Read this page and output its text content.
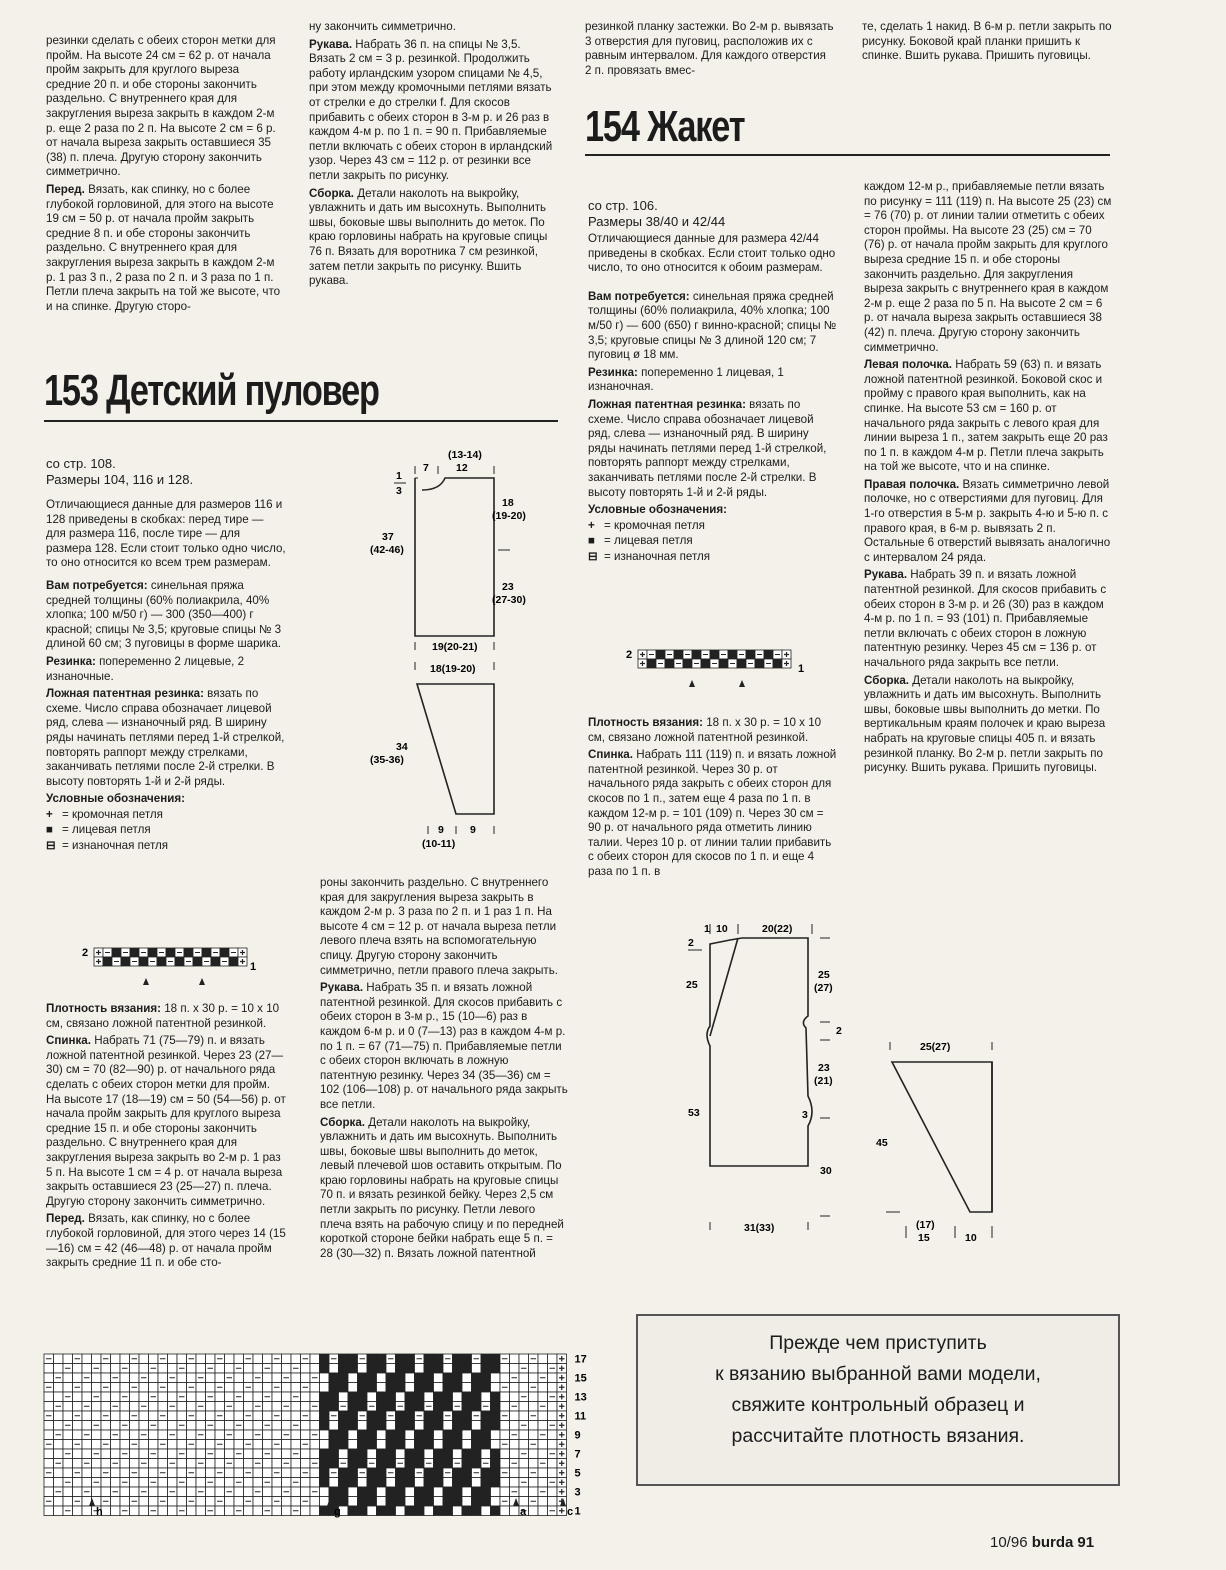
резинки сделать с обеих сторон метки для пройм. На высоте 24 см = 62 р. от начала пройм закрыть для круглого выреза средние 20 п. и обе стороны закончить раздельно. С внутреннего края для закругления выреза закрыть в каждом 2-м р. еще 2 раза по 2 п. На высоте 2 см = 6 р. от начала выреза закрыть оставшиеся 35 (38) п. плеча. Другую сторону закончить симметрично.

Перед. Вязать, как спинку, но с более глубокой горловиной, для этого на высоте 19 см = 50 р. от начала пройм закрыть средние 8 п. и обе стороны закончить раздельно. С внутреннего края для закругления выреза закрыть в каждом 2-м р. 1 раз 3 п., 2 раза по 2 п. и 3 раза по 1 п. Петли плеча закрыть на той же высоте, что и на спинке. Другую сторо-

ну закончить симметрично.

Рукава. Набрать 36 п. на спицы № 3,5. Вязать 2 см = 3 р. резинкой. Продолжить работу ирландским узором спицами № 4,5, при этом между кромочными петлями вязать от стрелки е до стрелки f. Для скосов прибавить с обеих сторон в 3-м р. и 26 раз в каждом 4-м р. по 1 п. = 90 п. Прибавляемые петли включать с обеих сторон в ирландский узор. Через 43 см = 112 р. от резинки все петли закрыть по рисунку.

Сборка. Детали наколоть на выкройку, увлажнить и дать им высохнуть. Выполнить швы, боковые швы выполнить до меток. По краю горловины набрать на круговые спицы 76 п. Вязать для воротника 7 см резинкой, затем петли закрыть по рисунку. Вшить рукава.

резинкой планку застежки. Во 2-м р. вывязать 3 отверстия для пуговиц, расположив их с равным интервалом. Для каждого отверстия 2 п. провязать вмес-

те, сделать 1 накид. В 6-м р. петли закрыть по рисунку. Боковой край планки пришить к спинке. Вшить рукава. Пришить пуговицы.

154 Жакет
153 Детский пуловер
со стр. 108.
Размеры 104, 116 и 128.

Отличающиеся данные для размеров 116 и 128 приведены в скобках: перед тире — для размера 116, после тире — для размера 128. Если стоит только одно число, то оно относится ко всем трем размерам.

Вам потребуется: синельная пряжа средней толщины (60% полиакрила, 40% хлопка; 100 м/50 г) — 300 (350—400) г красной; спицы № 3,5; круговые спицы № 3 длиной 60 см; 3 пуговицы в форме шарика.

Резинка: попеременно 2 лицевые, 2 изнаночные.

Ложная патентная резинка: вязать по схеме. Число справа обозначает лицевой ряд, слева — изнаночный ряд. В ширину ряды начинать петлями перед 1-й стрелкой, повторять раппорт между стрелками, заканчивать петлями после 2-й стрелки. В высоту повторять 1-й и 2-й ряды.

Условные обозначения:
+ = кромочная петля
■ = лицевая петля
⊟ = изнаночная петля
2
1

Плотность вязания: 18 п. х 30 р. = 10 х 10 см, связано ложной патентной резинкой.

Спинка. Набрать 71 (75—79) п. и вязать ложной патентной резинкой. Через 23 (27—30) см = 70 (82—90) р. от начального ряда сделать с обеих сторон метки для пройм. На высоте 17 (18—19) см = 50 (54—56) р. от начала пройм закрыть для круглого выреза средние 15 п. и обе стороны закончить раздельно. С внутреннего края для закругления выреза закрыть во 2-м р. 1 раз 5 п. На высоте 1 см = 4 р. от начала выреза закрыть оставшиеся 23 (25—27) п. плеча. Другую сторону закончить симметрично.

Перед. Вязать, как спинку, но с более глубокой горловиной, для этого через 14 (15—16) см = 42 (46—48) р. от начала пройм закрыть средние 11 п. и обе сто-

роны закончить раздельно. С внутреннего края для закругления выреза закрыть в каждом 2-м р. 3 раза по 2 п. и 1 раз 1 п. На высоте 4 см = 12 р. от начала выреза петли левого плеча взять на вспомогательную спицу. Другую сторону закончить симметрично, петли правого плеча закрыть.

Рукава. Набрать 35 п. и вязать ложной патентной резинкой. Для скосов прибавить с обеих сторон в 3-м р., 15 (10—6) раз в каждом 6-м р. и 0 (7—13) раз в каждом 4-м р. по 1 п. = 67 (71—75) п. Прибавляемые петли с обеих сторон включать в ложную патентную резинку. Через 34 (35—36) см = 102 (106—108) р. от начального ряда закрыть все петли.

Сборка. Детали наколоть на выкройку, увлажнить и дать им высохнуть. Выполнить швы, боковые швы выполнить до меток, левый плечевой шов оставить открытым. По краю горловины набрать на круговые спицы 70 п. и вязать резинкой бейку. Через 2,5 см петли закрыть по рисунку. Петли левого плеча взять на рабочую спицу и по передней короткой стороне бейки набрать еще 5 п. = 28 (30—32) п. Вязать ложной патентной

(13-14)
7	12
1
3
37
(42-46)
18
(19-20)
23
(27-30)
19(20-21)
18(19-20)
34
(35-36)
9 9
(10-11)
со стр. 106.
Размеры 38/40 и 42/44

Отличающиеся данные для размера 42/44 приведены в скобках. Если стоит только одно число, то оно относится к обоим размерам.

Вам потребуется: синельная пряжа средней толщины (60% полиакрила, 40% хлопка; 100 м/50 г) — 600 (650) г винно-красной; спицы № 3,5; круговые спицы № 3 длиной 120 см; 7 пуговиц ø 18 мм.

Резинка: попеременно 1 лицевая, 1 изнаночная.

Ложная патентная резинка: вязать по схеме. Число справа обозначает лицевой ряд, слева — изнаночный ряд. В ширину ряды начинать петлями перед 1-й стрелкой, повторять раппорт между стрелками, заканчивать петлями после 2-й стрелки. В высоту повторять 1-й и 2-й ряды.

Условные обозначения:
+ = кромочная петля
■ = лицевая петля
⊟ = изнаночная петля
2
1

Плотность вязания: 18 п. х 30 р. = 10 х 10 см, связано ложной патентной резинкой.

Спинка. Набрать 111 (119) п. и вязать ложной патентной резинкой. Через 30 р. от начального ряда закрыть с обеих сторон для скосов по 1 п., затем еще 4 раза по 1 п. в каждом 12-м р. = 101 (109) п. Через 30 см = 90 р. от начального ряда отметить линию талии. Через 10 р. от линии талии прибавить с обеих сторон для скосов по 1 п. и еще 4 раза по 1 п. в

каждом 12-м р., прибавляемые петли вязать по рисунку = 111 (119) п. На высоте 25 (23) см = 76 (70) р. от линии талии отметить с обеих сторон проймы. На высоте 23 (25) см = 70 (76) р. от начала пройм закрыть для круглого выреза средние 15 п. и обе стороны закончить раздельно. Для закругления выреза закрыть с внутреннего края в каждом 2-м р. еще 2 раза по 5 п. На высоте 2 см = 6 р. от начала выреза закрыть оставшиеся 38 (42) п. плеча. Другую сторону закончить симметрично.

Левая полочка. Набрать 59 (63) п. и вязать ложной патентной резинкой. Боковой скос и пройму с правого края выполнить, как на спинке. На высоте 53 см = 160 р. от начального ряда закрыть с левого края для линии выреза 1 п., затем закрыть еще 20 раз по 1 п. в каждом 4-м р. Петли плеча закрыть на той же высоте, что и на спинке.

Правая полочка. Вязать симметрично левой полочке, но с отверстиями для пуговиц. Для 1-го отверстия в 5-м р. закрыть 4-ю и 5-ю п. с правого края, в 6-м р. вывязать 2 п. Остальные 6 отверстий вывязать аналогично с интервалом 24 ряда.

Рукава. Набрать 39 п. и вязать ложной патентной резинкой. Для скосов прибавить с обеих сторон в 3-м р. и 26 (30) раз в каждом 4-м р. по 1 п. = 93 (101) п. Прибавляемые петли включать с обеих сторон в ложную патентную резинку. Через 45 см = 136 р. от начального ряда закрыть все петли.

Сборка. Детали наколоть на выкройку, увлажнить и дать им высохнуть. Выполнить швы, боковые швы выполнить до метки. По вертикальным краям полочек и краю выреза набрать на круговые спицы 405 п. и вязать резинкой планку. Во 2-м р. петли закрыть по рисунку. Вшить рукава. Пришить пуговицы.

1 10	20(22)
2
25
25
(27)
2
23
(21)
3
53
30
31(33)
25(27)
45
(17)
15	10
17
15
13
11
9
7
5
3
1
h	g	a	c
Прежде чем приступить
к вязанию выбранной вами модели,
свяжите контрольный образец и
рассчитайте плотность вязания.
10/96 burda 91
